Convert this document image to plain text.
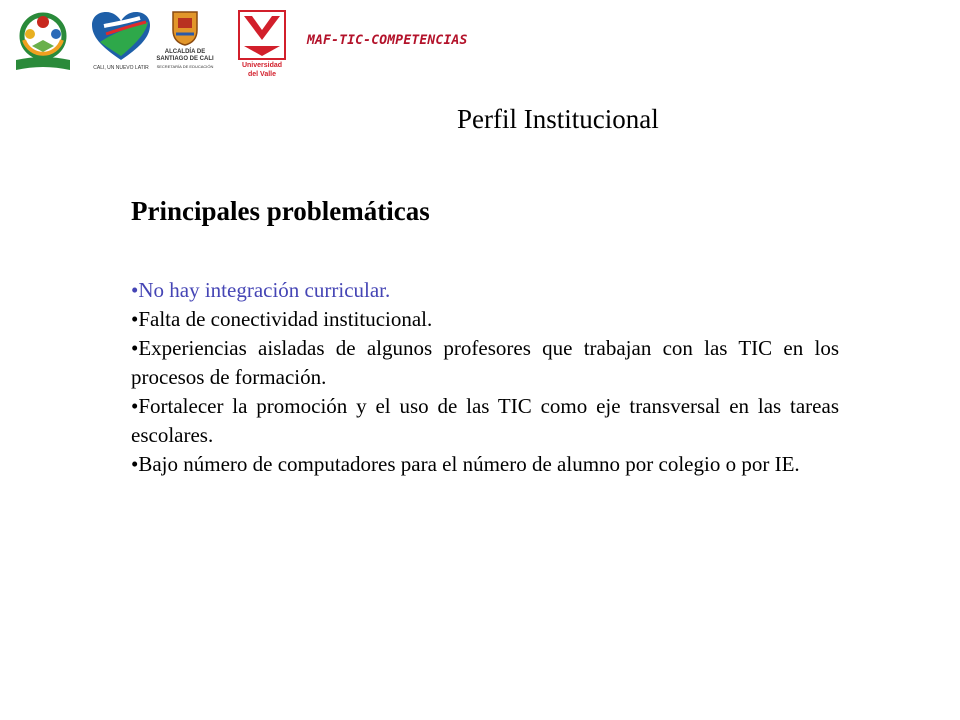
CALI, UN NUEVO LATIR
ALCALDÍA DE
SANTIAGO DE CALI
SECRETARÍA DE EDUCACIÓN	Universidad
del Valle
MAF-TIC-COMPETENCIAS
Perfil Institucional
Principales problemáticas
•No hay integración curricular.
•Falta de conectividad institucional.
•Experiencias aisladas de algunos profesores que trabajan con las TIC en los procesos de formación.
•Fortalecer la promoción y el uso de las TIC como eje transversal en las tareas escolares.
•Bajo número de computadores para el número de alumno por colegio o por IE.
